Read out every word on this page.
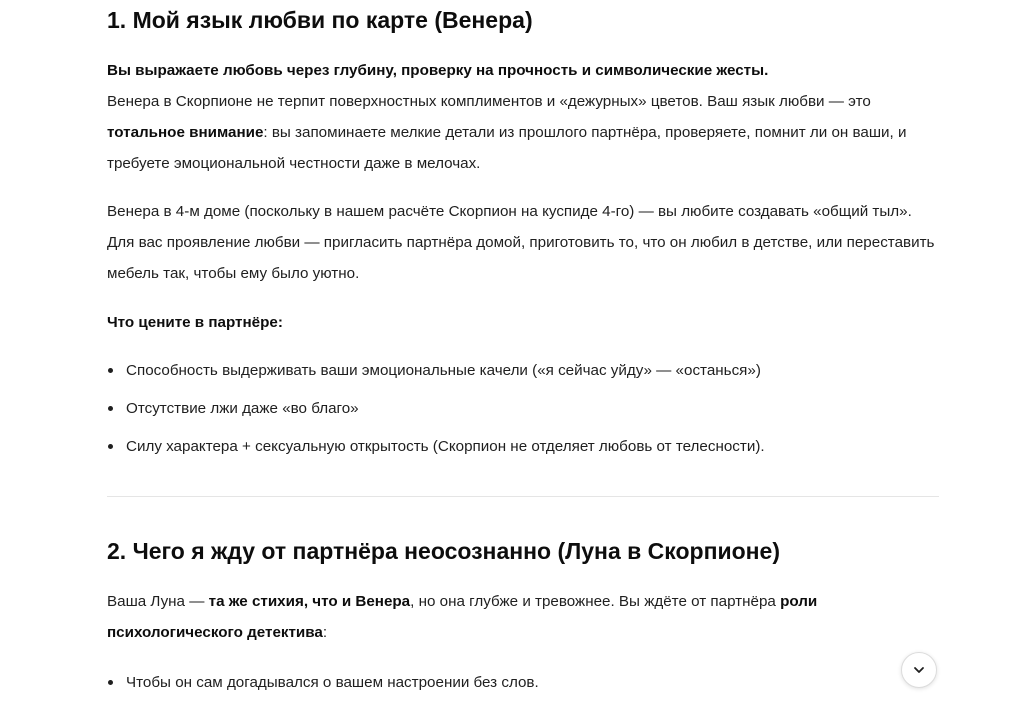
1. Мой язык любви по карте (Венера)

Вы выражаете любовь через глубину, проверку на прочность и символические жесты.
Венера в Скорпионе не терпит поверхностных комплиментов и «дежурных» цветов. Ваш язык любви — это тотальное внимание: вы запоминаете мелкие детали из прошлого партнёра, проверяете, помнит ли он ваши, и требуете эмоциональной честности даже в мелочах.

Венера в 4-м доме (поскольку в нашем расчёте Скорпион на куспиде 4-го) — вы любите создавать «общий тыл». Для вас проявление любви — пригласить партнёра домой, приготовить то, что он любил в детстве, или переставить мебель так, чтобы ему было уютно.

Что цените в партнёре:

Способность выдерживать ваши эмоциональные качели («я сейчас уйду» — «останься»)
Отсутствие лжи даже «во благо»
Силу характера + сексуальную открытость (Скорпион не отделяет любовь от телесности).
2. Чего я жду от партнёра неосознанно (Луна в Скорпионе)

Ваша Луна — та же стихия, что и Венера, но она глубже и тревожнее. Вы ждёте от партнёра роли психологического детектива:

Чтобы он сам догадывался о вашем настроении без слов.
